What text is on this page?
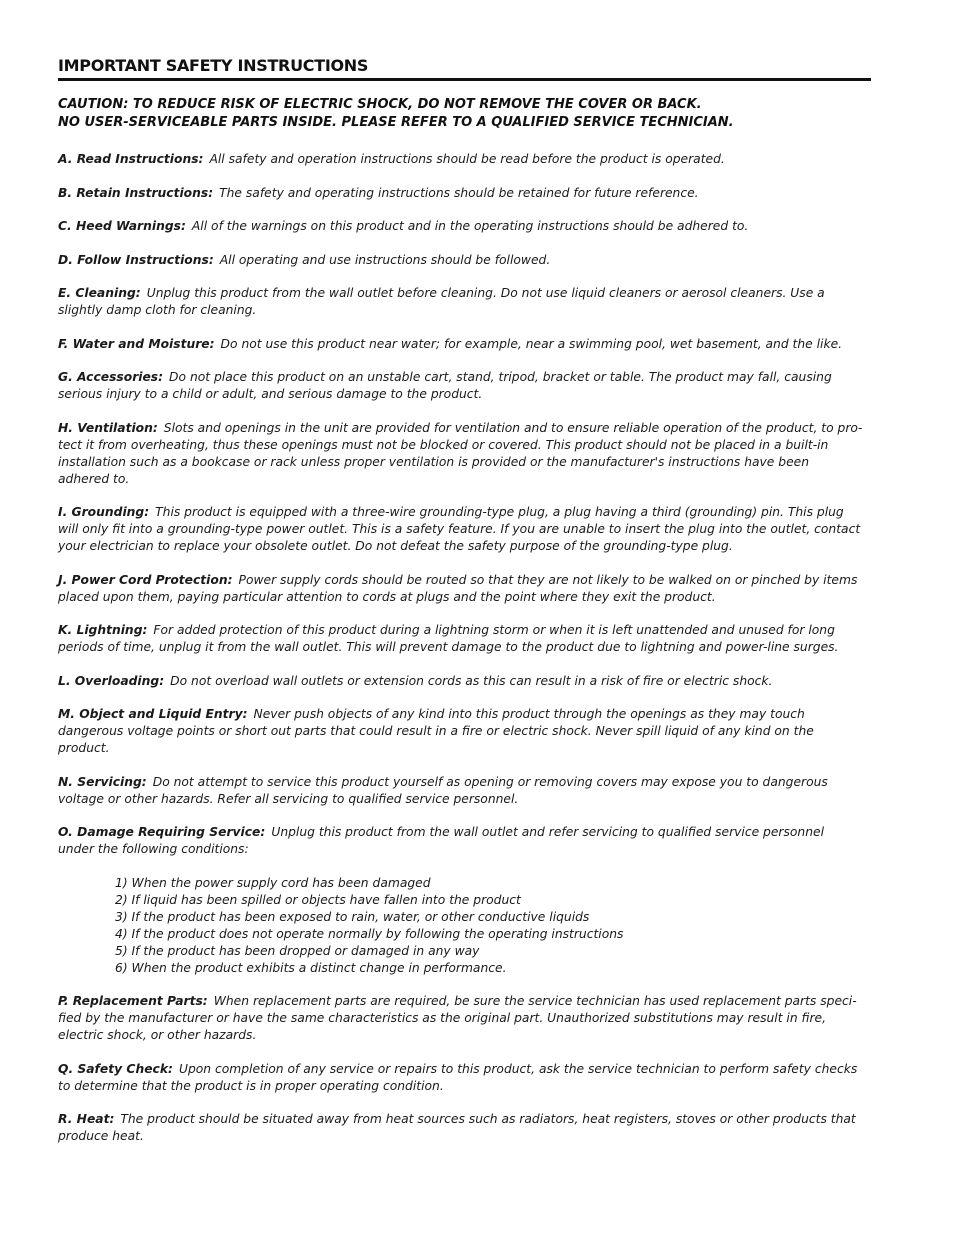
IMPORTANT SAFETY INSTRUCTIONS
CAUTION: TO REDUCE RISK OF ELECTRIC SHOCK, DO NOT REMOVE THE COVER OR BACK.
NO USER-SERVICEABLE PARTS INSIDE. PLEASE REFER TO A QUALIFIED SERVICE TECHNICIAN.

A. Read Instructions: All safety and operation instructions should be read before the product is operated.

B. Retain Instructions: The safety and operating instructions should be retained for future reference.

C. Heed Warnings: All of the warnings on this product and in the operating instructions should be adhered to.

D. Follow Instructions: All operating and use instructions should be followed.

E. Cleaning: Unplug this product from the wall outlet before cleaning. Do not use liquid cleaners or aerosol cleaners. Use a slightly damp cloth for cleaning.

F. Water and Moisture: Do not use this product near water; for example, near a swimming pool, wet basement, and the like.

G. Accessories: Do not place this product on an unstable cart, stand, tripod, bracket or table. The product may fall, causing serious injury to a child or adult, and serious damage to the product.

H. Ventilation: Slots and openings in the unit are provided for ventilation and to ensure reliable operation of the product, to pro-tect it from overheating, thus these openings must not be blocked or covered. This product should not be placed in a built-in installation such as a bookcase or rack unless proper ventilation is provided or the manufacturer's instructions have been adhered to.

I. Grounding: This product is equipped with a three-wire grounding-type plug, a plug having a third (grounding) pin. This plug will only fit into a grounding-type power outlet. This is a safety feature. If you are unable to insert the plug into the outlet, contact your electrician to replace your obsolete outlet. Do not defeat the safety purpose of the grounding-type plug.

J. Power Cord Protection: Power supply cords should be routed so that they are not likely to be walked on or pinched by items placed upon them, paying particular attention to cords at plugs and the point where they exit the product.

K. Lightning: For added protection of this product during a lightning storm or when it is left unattended and unused for long periods of time, unplug it from the wall outlet. This will prevent damage to the product due to lightning and power-line surges.

L. Overloading: Do not overload wall outlets or extension cords as this can result in a risk of fire or electric shock.

M. Object and Liquid Entry: Never push objects of any kind into this product through the openings as they may touch dangerous voltage points or short out parts that could result in a fire or electric shock. Never spill liquid of any kind on the product.

N. Servicing: Do not attempt to service this product yourself as opening or removing covers may expose you to dangerous voltage or other hazards. Refer all servicing to qualified service personnel.

O. Damage Requiring Service: Unplug this product from the wall outlet and refer servicing to qualified service personnel under the following conditions:

1) When the power supply cord has been damaged
2) If liquid has been spilled or objects have fallen into the product
3) If the product has been exposed to rain, water, or other conductive liquids
4) If the product does not operate normally by following the operating instructions
5) If the product has been dropped or damaged in any way
6) When the product exhibits a distinct change in performance.

P. Replacement Parts: When replacement parts are required, be sure the service technician has used replacement parts speci-fied by the manufacturer or have the same characteristics as the original part. Unauthorized substitutions may result in fire, electric shock, or other hazards.

Q. Safety Check: Upon completion of any service or repairs to this product, ask the service technician to perform safety checks to determine that the product is in proper operating condition.

R. Heat: The product should be situated away from heat sources such as radiators, heat registers, stoves or other products that produce heat.
